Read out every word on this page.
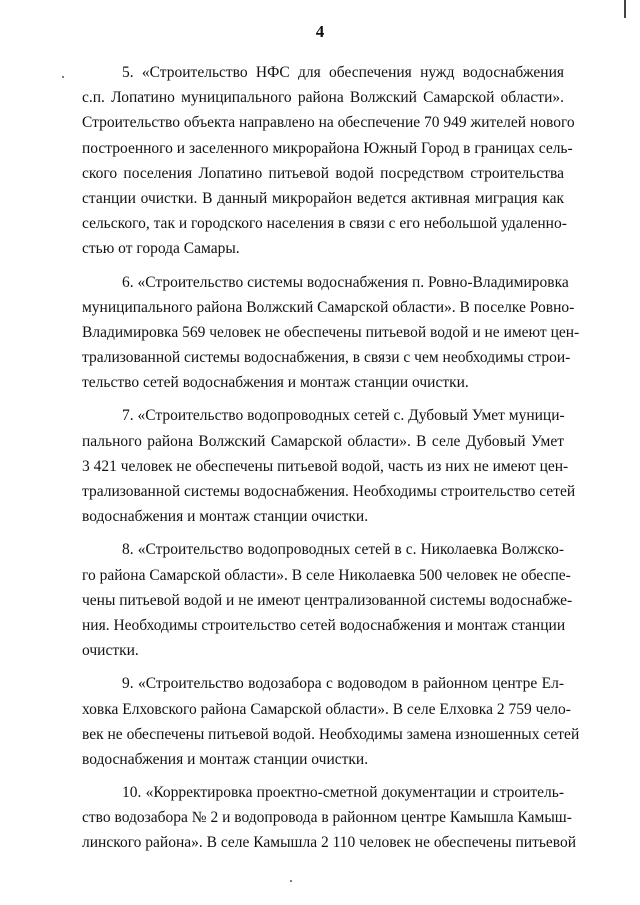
4
5. «Строительство НФС для обеспечения нужд водоснабжения
с.п. Лопатино муниципального района Волжский Самарской области».
Строительство объекта направлено на обеспечение 70 949 жителей нового
построенного и заселенного микрорайона Южный Город в границах сель-
ского поселения Лопатино питьевой водой посредством строительства
станции очистки. В данный микрорайон ведется активная миграция как
сельского, так и городского населения в связи с его небольшой удаленно-
стью от города Самары.
6. «Строительство системы водоснабжения п. Ровно-Владимировка
муниципального района Волжский Самарской области». В поселке Ровно-
Владимировка 569 человек не обеспечены питьевой водой и не имеют цен-
трализованной системы водоснабжения, в связи с чем необходимы строи-
тельство сетей водоснабжения и монтаж станции очистки.
7. «Строительство водопроводных сетей с. Дубовый Умет муници-
пального района Волжский Самарской области». В селе Дубовый Умет
3 421 человек не обеспечены питьевой водой, часть из них не имеют цен-
трализованной системы водоснабжения. Необходимы строительство сетей
водоснабжения и монтаж станции очистки.
8. «Строительство водопроводных сетей в с. Николаевка Волжско-
го района Самарской области». В селе Николаевка 500 человек не обеспе-
чены питьевой водой и не имеют централизованной системы водоснабже-
ния. Необходимы строительство сетей водоснабжения и монтаж станции
очистки.
9. «Строительство водозабора с водоводом в районном центре Ел-
ховка Елховского района Самарской области». В селе Елховка 2 759 чело-
век не обеспечены питьевой водой. Необходимы замена изношенных сетей
водоснабжения и монтаж станции очистки.
10. «Корректировка проектно-сметной документации и строитель-
ство водозабора № 2 и водопровода в районном центре Камышла Камыш-
линского района». В селе Камышла 2 110 человек не обеспечены питьевой
